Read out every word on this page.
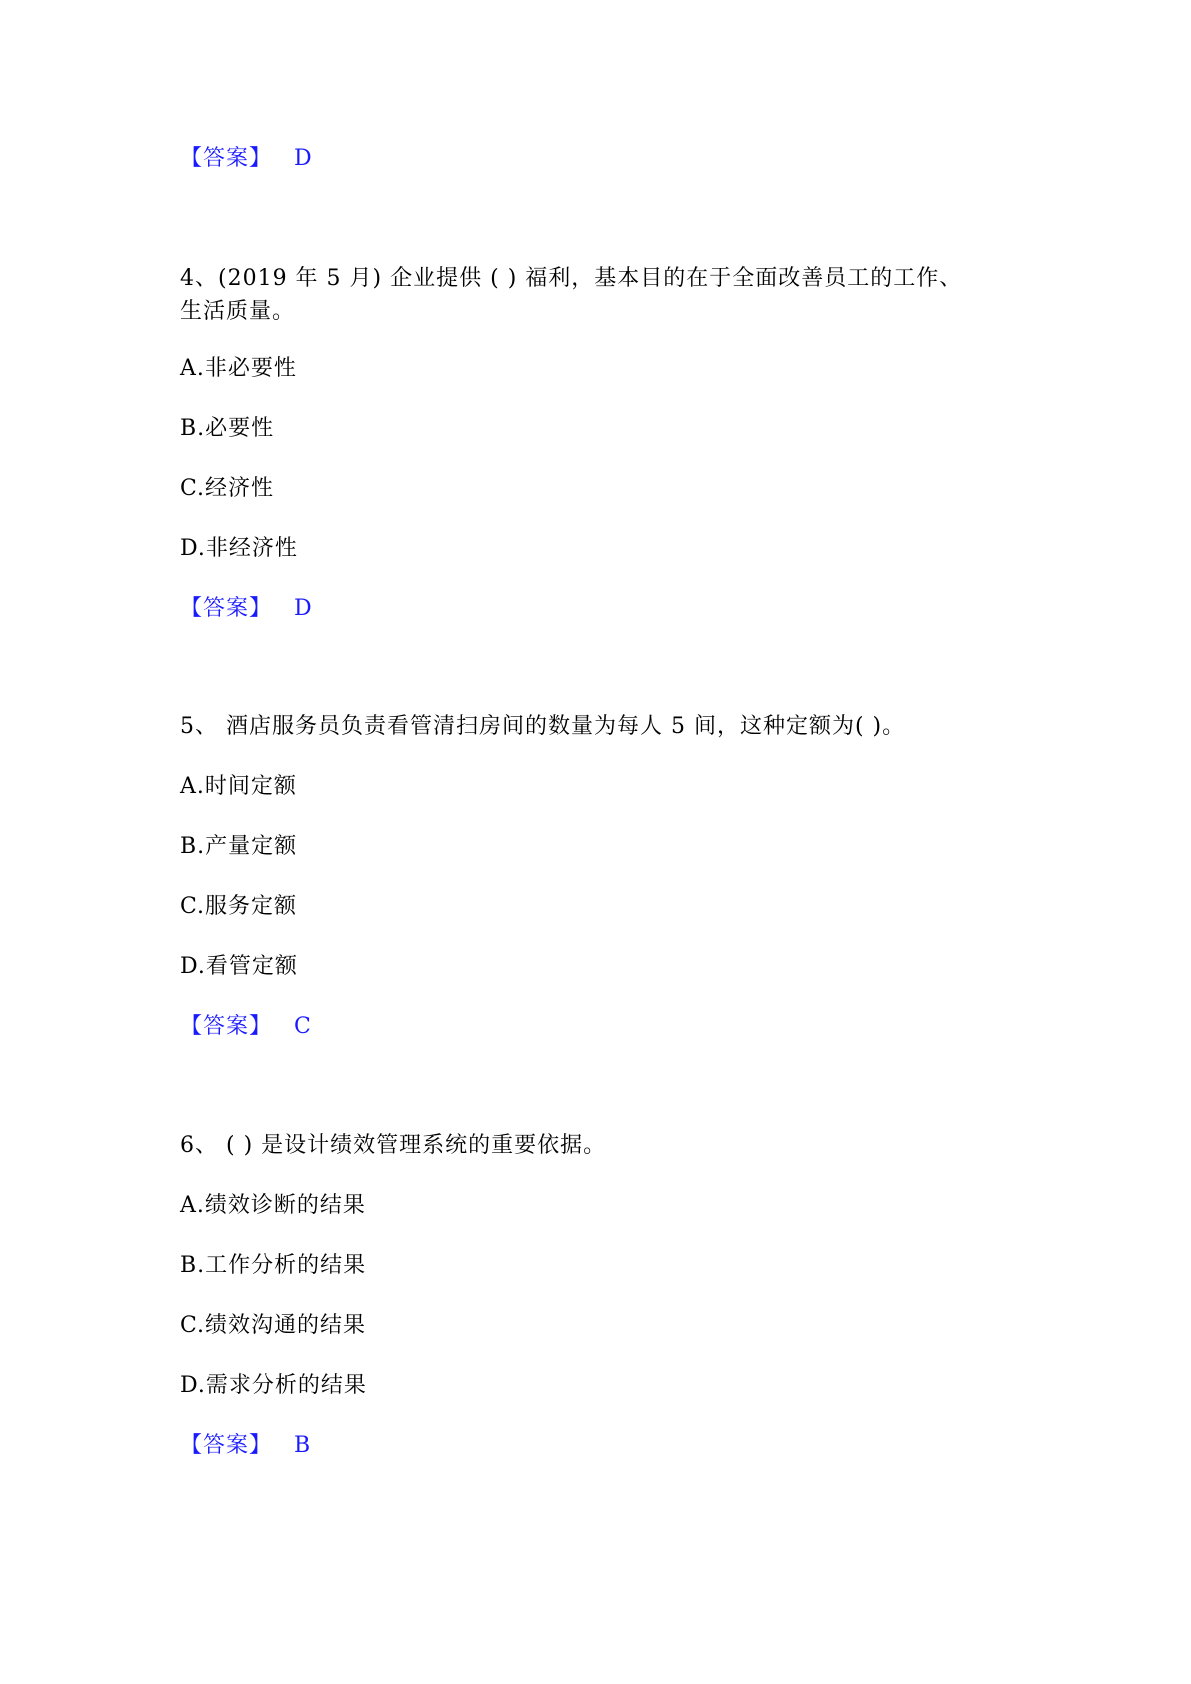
【答案】 D
4、(2019 年 5 月) 企业提供 ( ) 福利，基本目的在于全面改善员工的工作、
生活质量。
A.非必要性
B.必要性
C.经济性
D.非经济性
【答案】 D
5、 酒店服务员负责看管清扫房间的数量为每人 5 间，这种定额为( )。
A.时间定额
B.产量定额
C.服务定额
D.看管定额
【答案】 C
6、 ( ) 是设计绩效管理系统的重要依据。
A.绩效诊断的结果
B.工作分析的结果
C.绩效沟通的结果
D.需求分析的结果
【答案】 B
